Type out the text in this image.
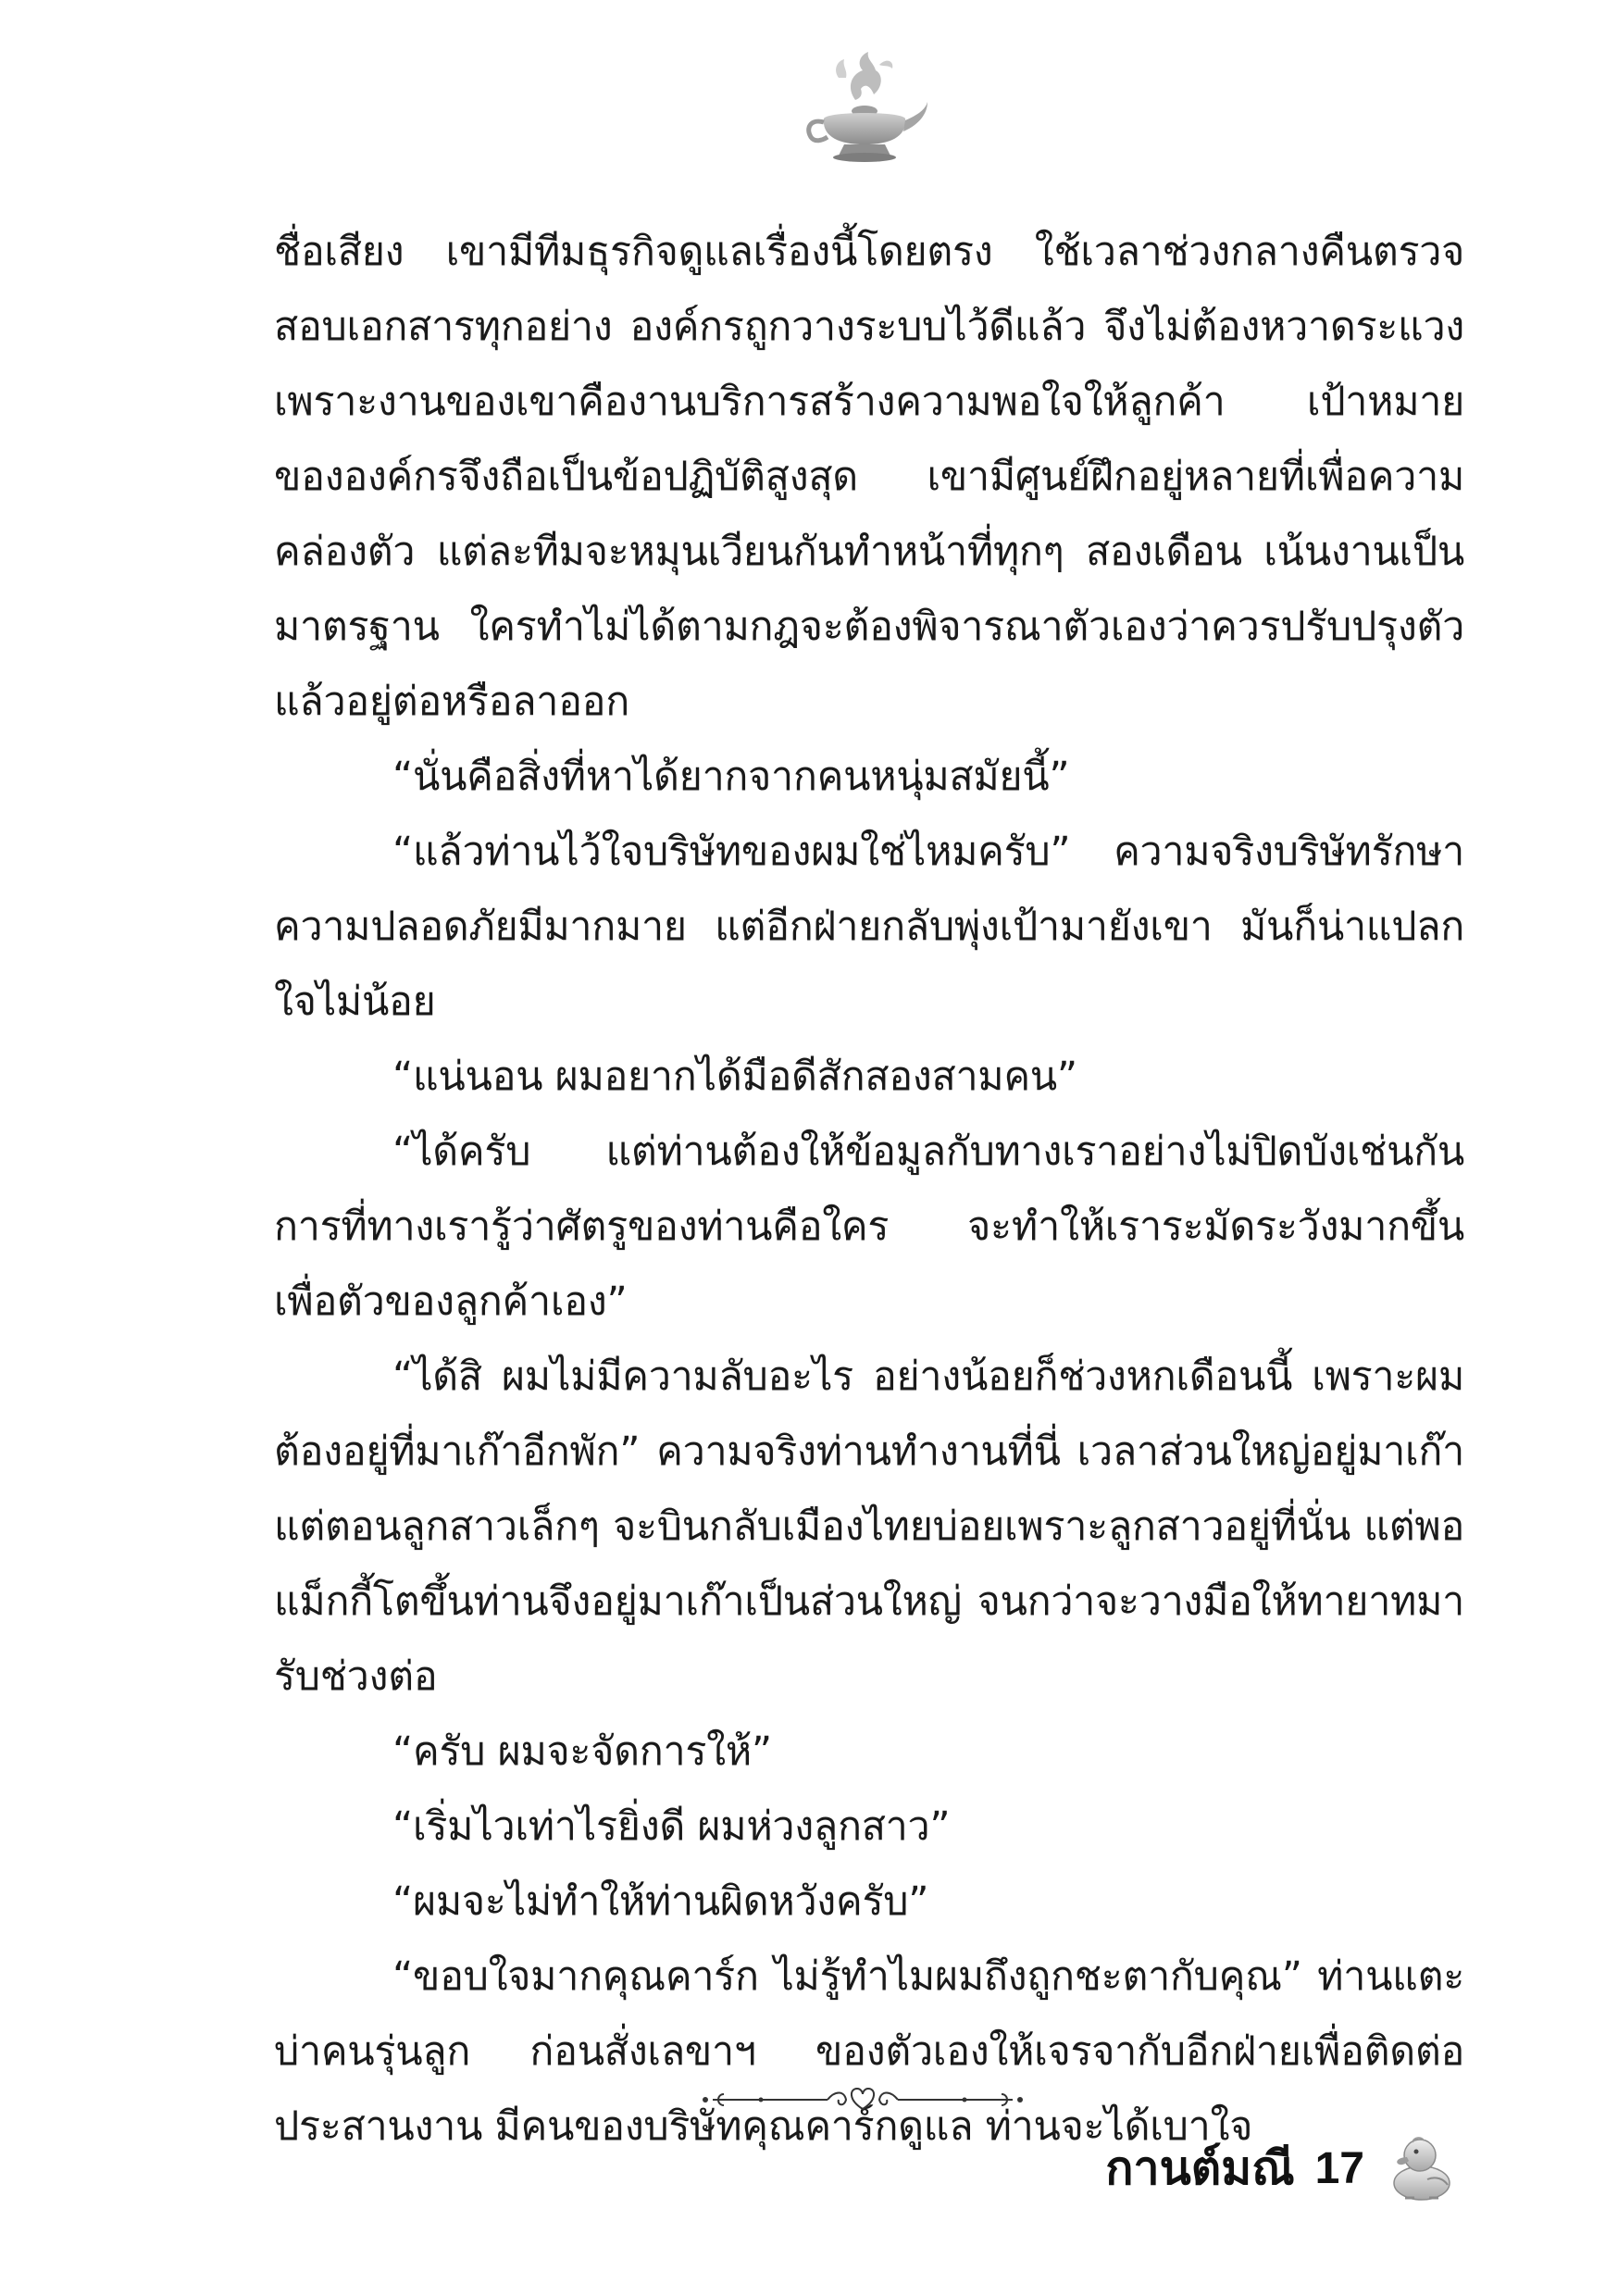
ชื่อเสียง เขามีทีมธุรกิจดูแลเรื่องนี้โดยตรง ใช้เวลาช่วงกลางคืนตรวจสอบเอกสารทุกอย่าง องค์กรถูกวางระบบไว้ดีแล้ว จึงไม่ต้องหวาดระแวงเพราะงานของเขาคืองานบริการสร้างความพอใจให้ลูกค้า เป้าหมายขององค์กรจึงถือเป็นข้อปฏิบัติสูงสุด เขามีศูนย์ฝึกอยู่หลายที่เพื่อความคล่องตัว แต่ละทีมจะหมุนเวียนกันทำหน้าที่ทุกๆ สองเดือน เน้นงานเป็นมาตรฐาน ใครทำไม่ได้ตามกฎจะต้องพิจารณาตัวเองว่าควรปรับปรุงตัวแล้วอยู่ต่อหรือลาออก

“นั่นคือสิ่งที่หาได้ยากจากคนหนุ่มสมัยนี้”

“แล้วท่านไว้ใจบริษัทของผมใช่ไหมครับ” ความจริงบริษัทรักษาความปลอดภัยมีมากมาย แต่อีกฝ่ายกลับพุ่งเป้ามายังเขา มันก็น่าแปลกใจไม่น้อย

“แน่นอน ผมอยากได้มือดีสักสองสามคน”

“ได้ครับ แต่ท่านต้องให้ข้อมูลกับทางเราอย่างไม่ปิดบังเช่นกัน การที่ทางเรารู้ว่าศัตรูของท่านคือใคร จะทำให้เราระมัดระวังมากขึ้น เพื่อตัวของลูกค้าเอง”

“ได้สิ ผมไม่มีความลับอะไร อย่างน้อยก็ช่วงหกเดือนนี้ เพราะผมต้องอยู่ที่มาเก๊าอีกพัก” ความจริงท่านทำงานที่นี่ เวลาส่วนใหญ่อยู่มาเก๊า แต่ตอนลูกสาวเล็กๆ จะบินกลับเมืองไทยบ่อยเพราะลูกสาวอยู่ที่นั่น แต่พอแม็กกี้โตขึ้นท่านจึงอยู่มาเก๊าเป็นส่วนใหญ่ จนกว่าจะวางมือให้ทายาทมารับช่วงต่อ

“ครับ ผมจะจัดการให้”

“เริ่มไวเท่าไรยิ่งดี ผมห่วงลูกสาว”

“ผมจะไม่ทำให้ท่านผิดหวังครับ”

“ขอบใจมากคุณคาร์ก ไม่รู้ทำไมผมถึงถูกชะตากับคุณ” ท่านแตะบ่าคนรุ่นลูก ก่อนสั่งเลขาฯ ของตัวเองให้เจรจากับอีกฝ่ายเพื่อติดต่อประสานงาน มีคนของบริษัทคุณคาร์กดูแล ท่านจะได้เบาใจ

กานต์มณี 17
